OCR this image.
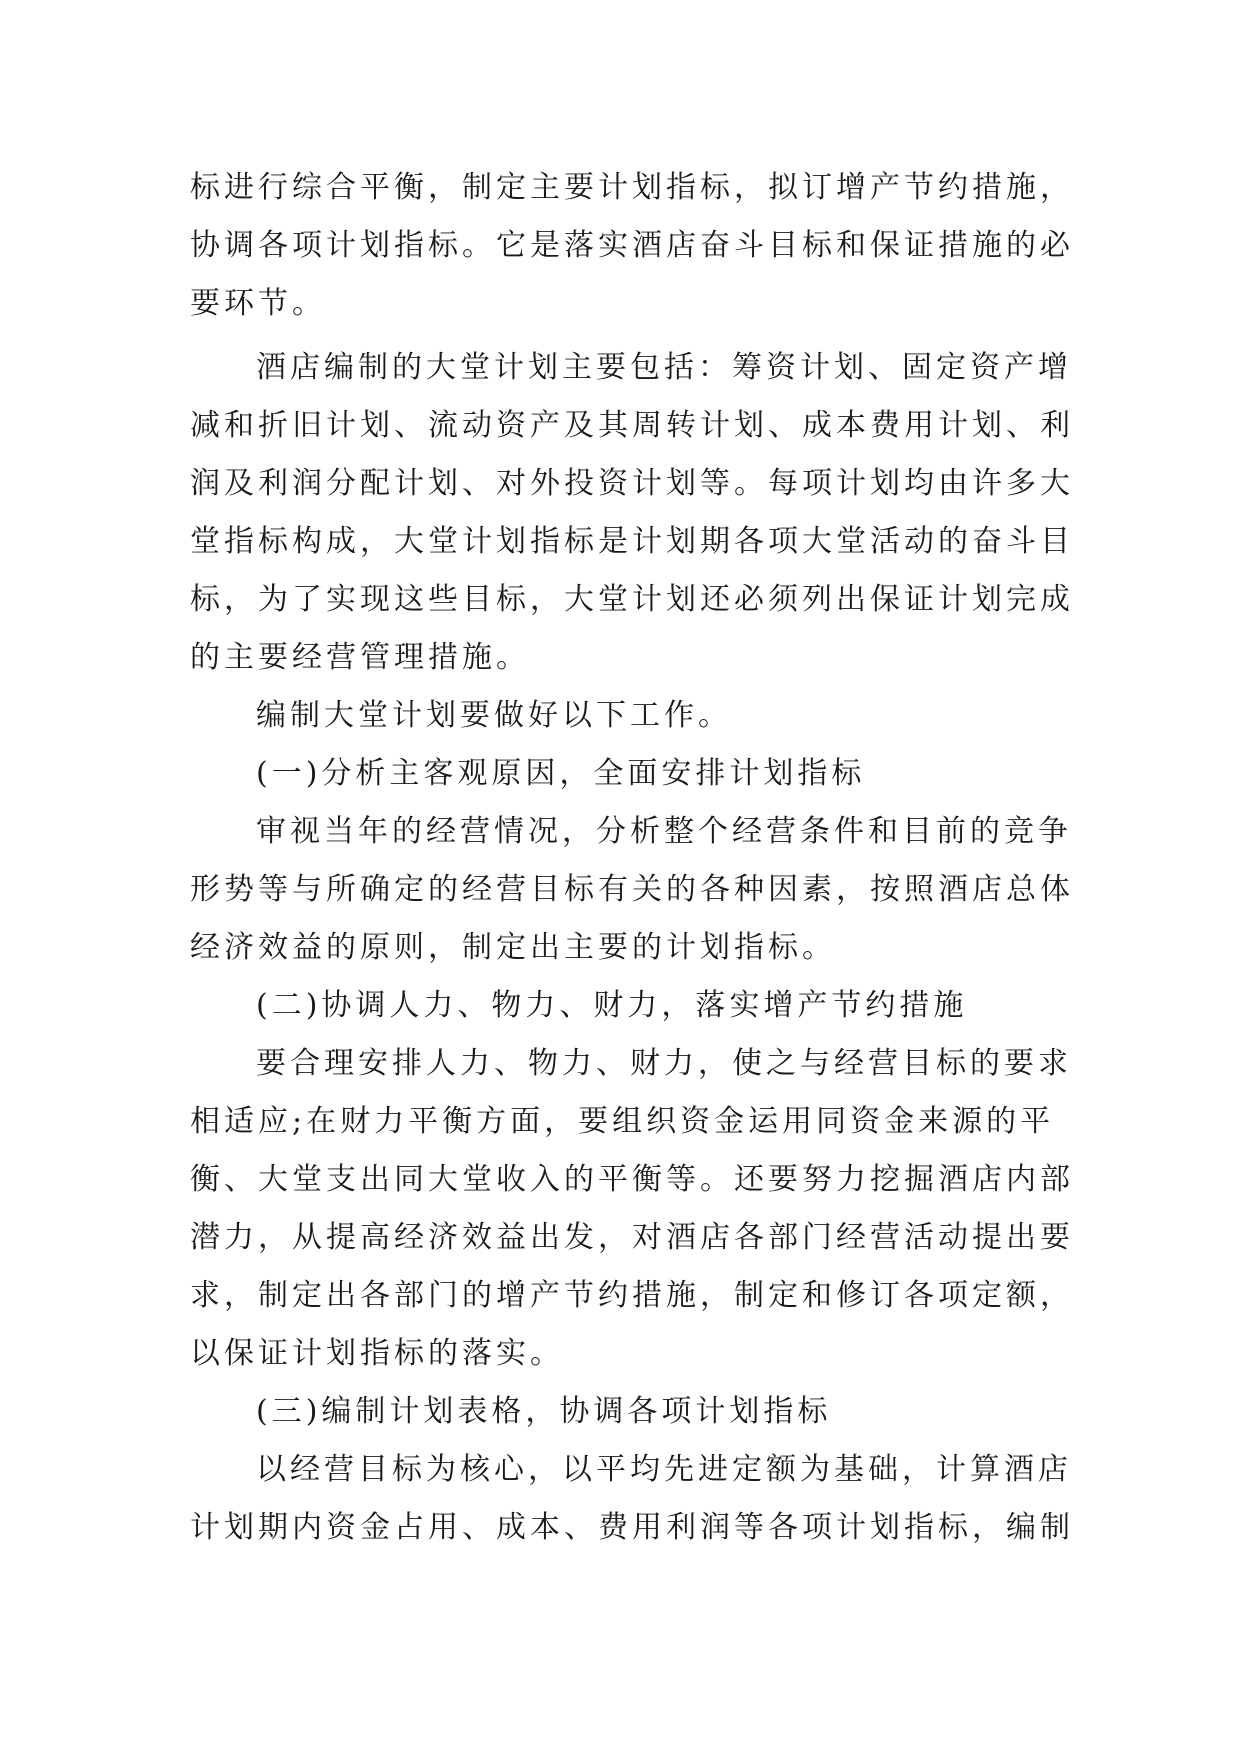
标进行综合平衡，制定主要计划指标，拟订增产节约措施，
协调各项计划指标。它是落实酒店奋斗目标和保证措施的必
要环节。
酒店编制的大堂计划主要包括：筹资计划、固定资产增
减和折旧计划、流动资产及其周转计划、成本费用计划、利
润及利润分配计划、对外投资计划等。每项计划均由许多大
堂指标构成，大堂计划指标是计划期各项大堂活动的奋斗目
标，为了实现这些目标，大堂计划还必须列出保证计划完成
的主要经营管理措施。
编制大堂计划要做好以下工作。
(一)分析主客观原因，全面安排计划指标
审视当年的经营情况，分析整个经营条件和目前的竞争
形势等与所确定的经营目标有关的各种因素，按照酒店总体
经济效益的原则，制定出主要的计划指标。
(二)协调人力、物力、财力，落实增产节约措施
要合理安排人力、物力、财力，使之与经营目标的要求
相适应;在财力平衡方面，要组织资金运用同资金来源的平
衡、大堂支出同大堂收入的平衡等。还要努力挖掘酒店内部
潜力，从提高经济效益出发，对酒店各部门经营活动提出要
求，制定出各部门的增产节约措施，制定和修订各项定额，
以保证计划指标的落实。
(三)编制计划表格，协调各项计划指标
以经营目标为核心，以平均先进定额为基础，计算酒店
计划期内资金占用、成本、费用利润等各项计划指标，编制
